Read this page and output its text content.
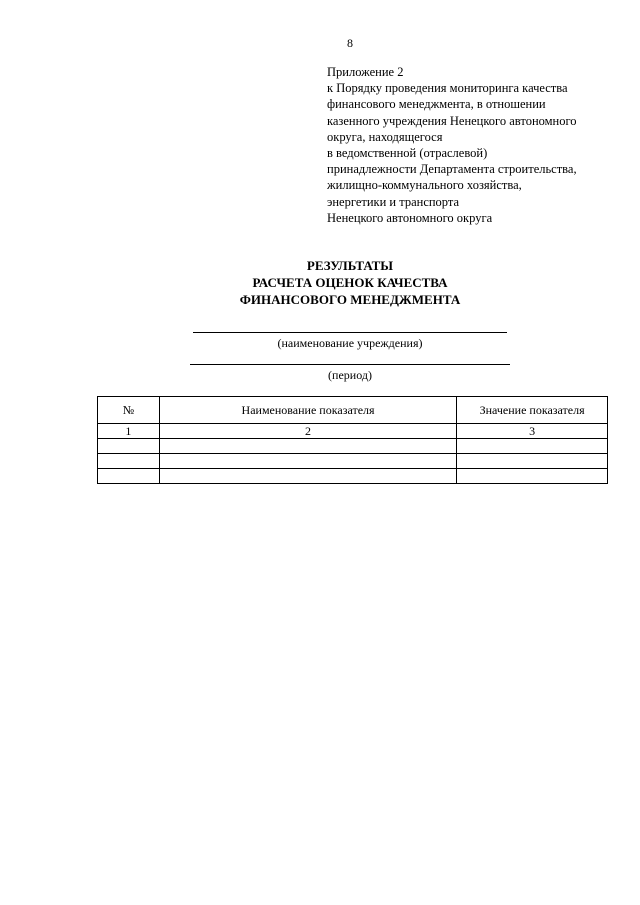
8
Приложение 2
к Порядку проведения мониторинга качества
финансового менеджмента, в отношении
казенного учреждения Ненецкого автономного
округа, находящегося
в ведомственной (отраслевой)
принадлежности Департамента строительства,
жилищно-коммунального хозяйства,
энергетики и транспорта
Ненецкого автономного округа
РЕЗУЛЬТАТЫ
РАСЧЕТА ОЦЕНОК КАЧЕСТВА
ФИНАНСОВОГО МЕНЕДЖМЕНТА
(наименование учреждения)
(период)
№	Наименование показателя	Значение показателя
1	2	3
